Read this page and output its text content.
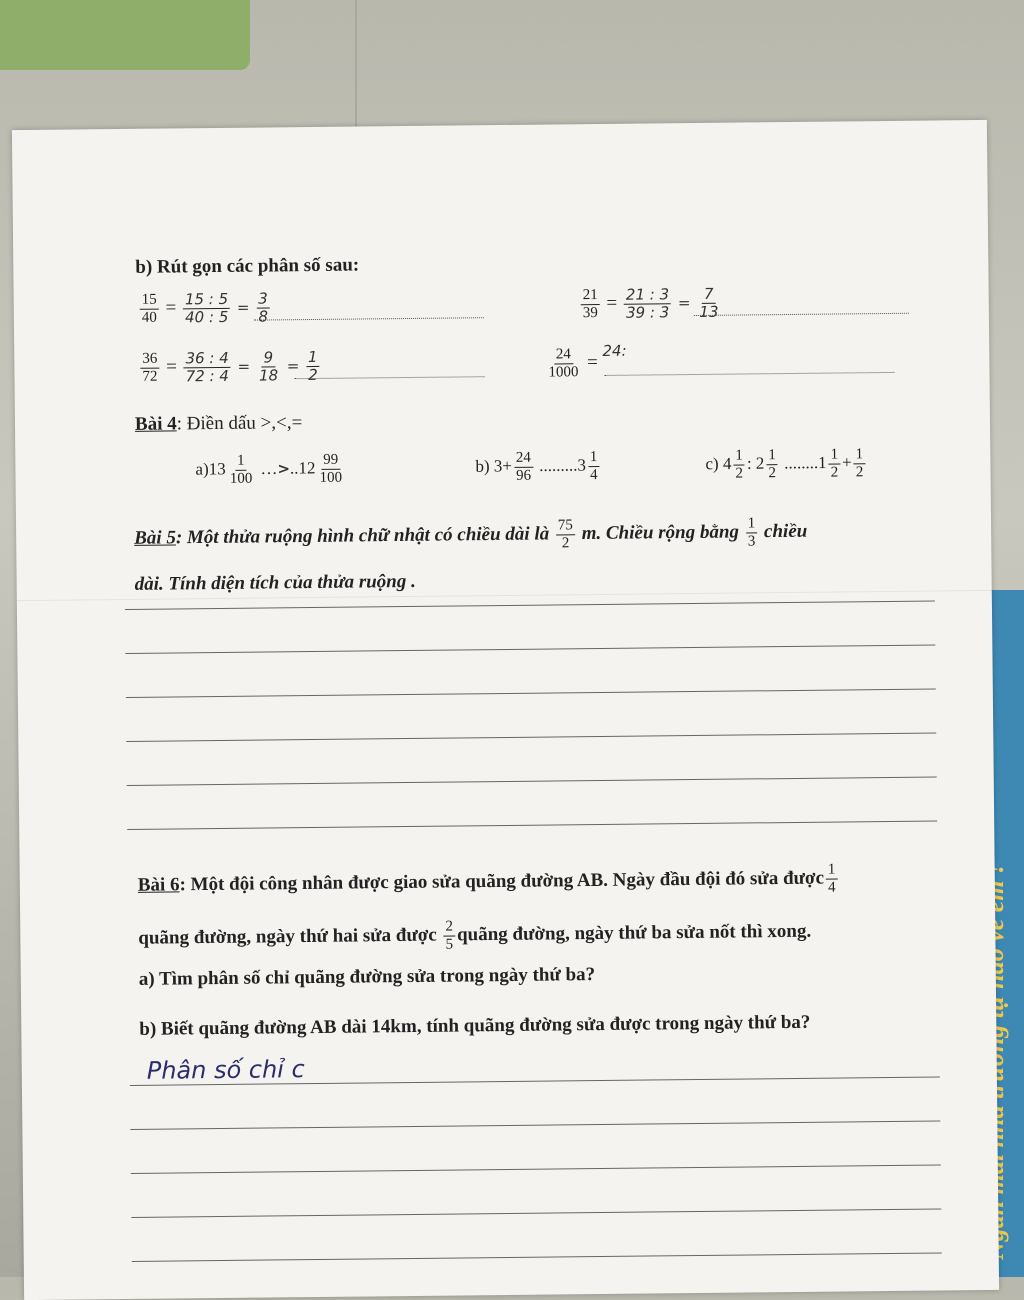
b) Rút gọn các phân số sau:
$\frac{15}{40} = \frac{15 : 5}{40 : 5} = \frac{3}{8}$	$\frac{21}{39} = \frac{21 : 3}{39 : 3} = \frac{7}{13}$
$\frac{36}{72} = \frac{36 : 4}{72 : 4} = \frac{9}{18} = \frac{1}{2}$	$\frac{24}{1000} = ^{24:}$
Bài 4: Điền dấu >,<,=
$a)13 \frac{1}{100}$ …>..12 $\frac{99}{100}$	b) $3+ \frac{24}{96} .........3 \frac{1}{4}$	c) $4 \frac{1}{2}$ : $2 \frac{1}{2} ........1 \frac{1}{2} + \frac{1}{2}$
Bài 5: Một thửa ruộng hình chữ nhật có chiều dài là $\frac{75}{2} m$. Chiều rộng bằng $\frac{1}{3}$ chiều
dài. Tính diện tích của thửa ruộng .
Bài 6: Một đội công nhân được giao sửa quãng đường AB. Ngày đầu đội đó sửa được $\frac{1}{4}$
quãng đường, ngày thứ hai sửa được $\frac{2}{5}$ quãng đường, ngày thứ ba sửa nốt thì xong.
a) Tìm phân số chỉ quãng đường sửa trong ngày thứ ba?
b) Biết quãng đường AB dài 14km, tính quãng đường sửa được trong ngày thứ ba?
Phân số chỉ c
